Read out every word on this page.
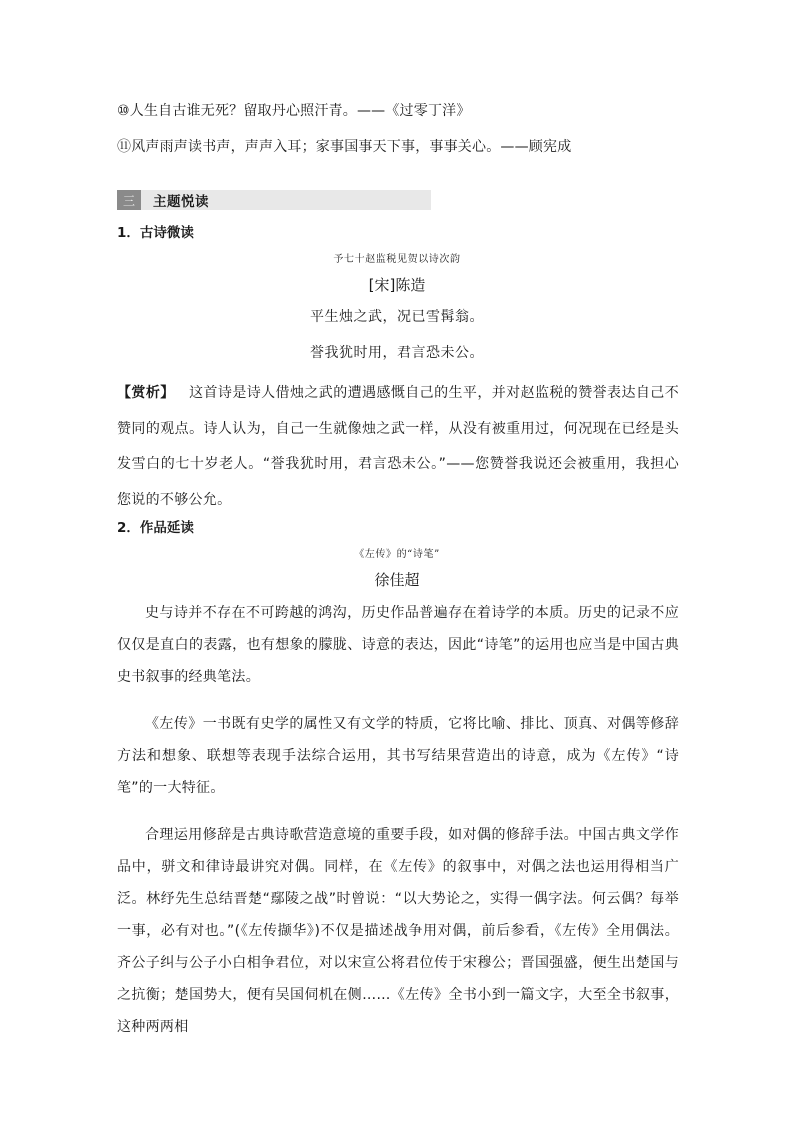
⑩人生自古谁无死？留取丹心照汗青。——《过零丁洋》
⑪风声雨声读书声，声声入耳；家事国事天下事，事事关心。——顾宪成
三	主题悦读
1．古诗微读
予七十赵监税见贺以诗次韵
[宋]陈造
平生烛之武，况已雪髯翁。
誉我犹时用，君言恐未公。

【赏析】  这首诗是诗人借烛之武的遭遇感慨自己的生平，并对赵监税的赞誉表达自己不赞同的观点。诗人认为，自己一生就像烛之武一样，从没有被重用过，何况现在已经是头发雪白的七十岁老人。“誉我犹时用，君言恐未公。”——您赞誉我说还会被重用，我担心您说的不够公允。

2．作品延读
《左传》的“诗笔”
徐佳超

史与诗并不存在不可跨越的鸿沟，历史作品普遍存在着诗学的本质。历史的记录不应仅仅是直白的表露，也有想象的朦胧、诗意的表达，因此“诗笔”的运用也应当是中国古典史书叙事的经典笔法。

《左传》一书既有史学的属性又有文学的特质，它将比喻、排比、顶真、对偶等修辞方法和想象、联想等表现手法综合运用，其书写结果营造出的诗意，成为《左传》“诗笔”的一大特征。

合理运用修辞是古典诗歌营造意境的重要手段，如对偶的修辞手法。中国古典文学作品中，骈文和律诗最讲究对偶。同样，在《左传》的叙事中，对偶之法也运用得相当广泛。林纾先生总结晋楚“鄢陵之战”时曾说：“以大势论之，实得一偶字法。何云偶？每举一事，必有对也。”(《左传撷华》)不仅是描述战争用对偶，前后参看，《左传》全用偶法。齐公子纠与公子小白相争君位，对以宋宣公将君位传于宋穆公；晋国强盛，便生出楚国与之抗衡；楚国势大，便有吴国伺机在侧……《左传》全书小到一篇文字，大至全书叙事，这种两两相
